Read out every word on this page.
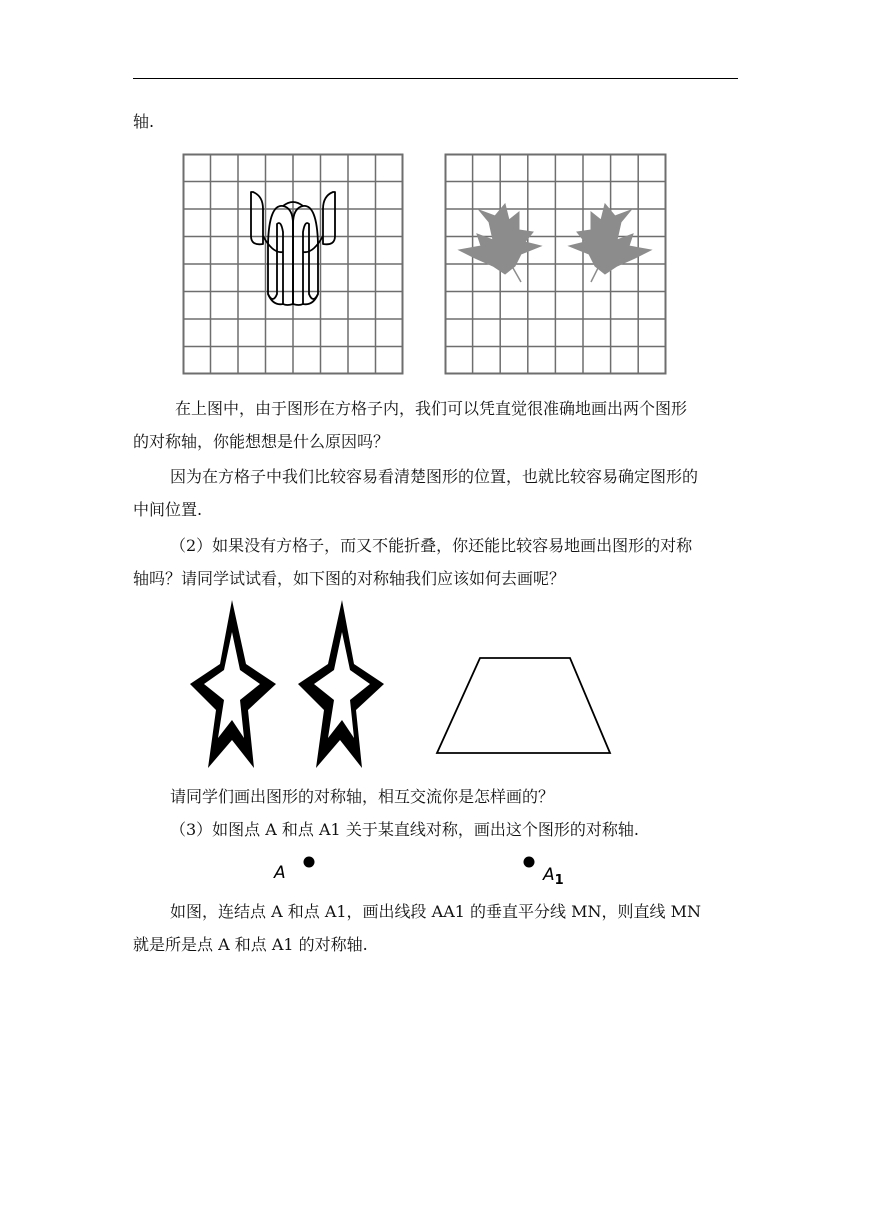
轴.
在上图中，由于图形在方格子内，我们可以凭直觉很准确地画出两个图形
的对称轴，你能想想是什么原因吗？
因为在方格子中我们比较容易看清楚图形的位置，也就比较容易确定图形的
中间位置.
（2）如果没有方格子，而又不能折叠，你还能比较容易地画出图形的对称
轴吗？请同学试试看，如下图的对称轴我们应该如何去画呢？
请同学们画出图形的对称轴，相互交流你是怎样画的？
（3）如图点 A 和点 A1 关于某直线对称，画出这个图形的对称轴.
A	$A_1$
如图，连结点 A 和点 A1，画出线段 AA1 的垂直平分线 MN，则直线 MN
就是所是点 A 和点 A1 的对称轴.
